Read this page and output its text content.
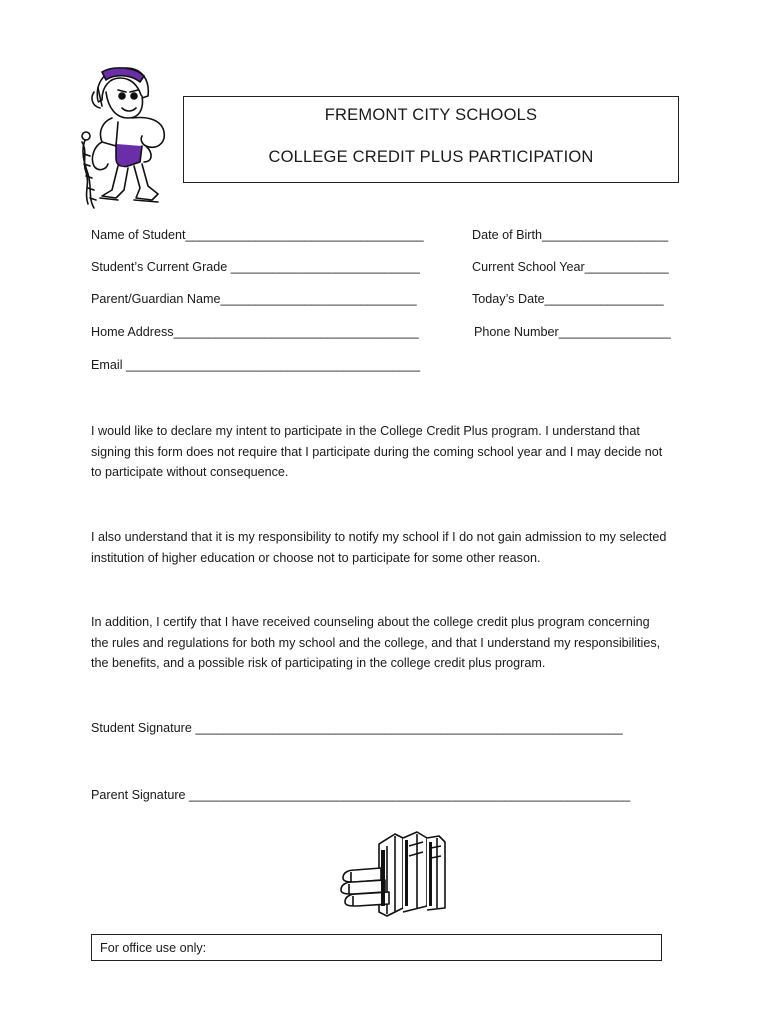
FREMONT CITY SCHOOLS
COLLEGE CREDIT PLUS PARTICIPATION
Name of Student__________________________________	Date of Birth__________________
Student’s Current Grade ___________________________	Current School Year____________
Parent/Guardian Name____________________________	Today’s Date_________________
Home Address___________________________________	Phone Number________________
Email __________________________________________
I would like to declare my intent to participate in the College Credit Plus program. I understand that
signing this form does not require that I participate during the coming school year and I may decide not
to participate without consequence.
I also understand that it is my responsibility to notify my school if I do not gain admission to my selected
institution of higher education or choose not to participate for some other reason.
In addition, I certify that I have received counseling about the college credit plus program concerning
the rules and regulations for both my school and the college, and that I understand my responsibilities,
the benefits, and a possible risk of participating in the college credit plus program.
Student Signature _____________________________________________________________
Parent Signature _______________________________________________________________
For office use only:
